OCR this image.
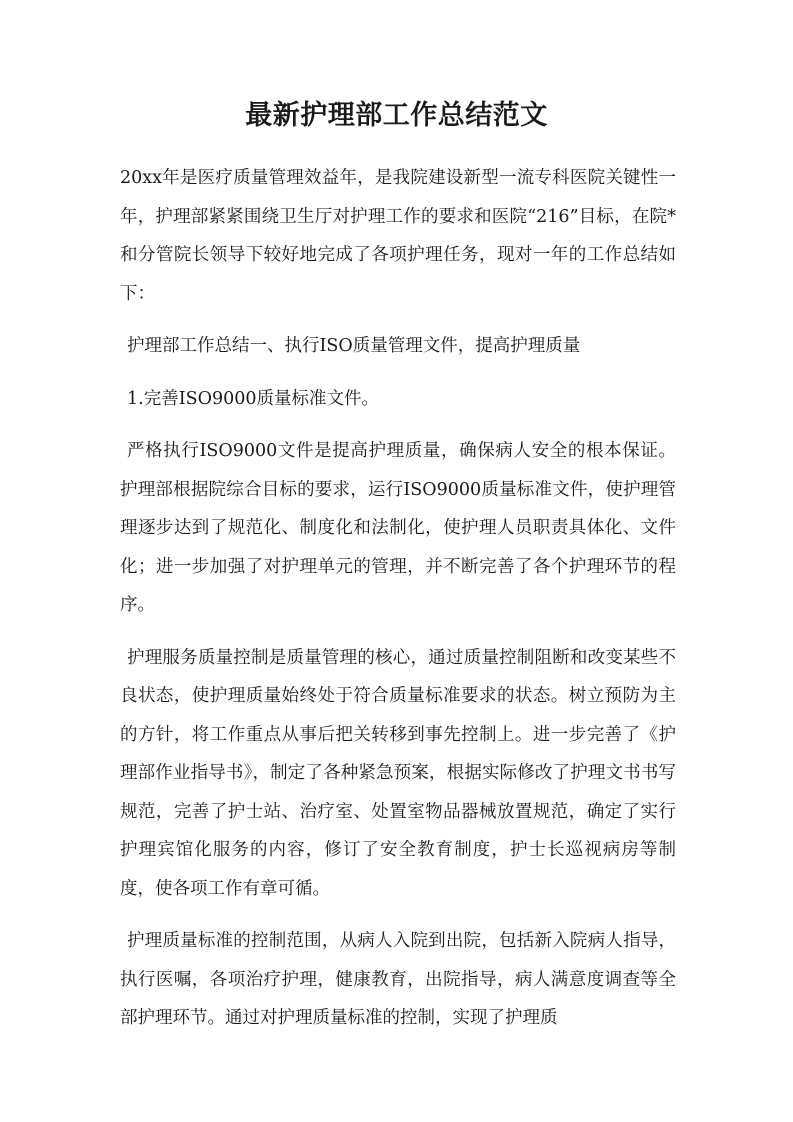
最新护理部工作总结范文

20xx年是医疗质量管理效益年，是我院建设新型一流专科医院关键性一年，护理部紧紧围绕卫生厅对护理工作的要求和医院“216”目标，在院*和分管院长领导下较好地完成了各项护理任务，现对一年的工作总结如下：

护理部工作总结一、执行ISO质量管理文件，提高护理质量

1.完善ISO9000质量标准文件。

严格执行ISO9000文件是提高护理质量，确保病人安全的根本保证。护理部根据院综合目标的要求，运行ISO9000质量标准文件，使护理管理逐步达到了规范化、制度化和法制化，使护理人员职责具体化、文件化；进一步加强了对护理单元的管理，并不断完善了各个护理环节的程序。

护理服务质量控制是质量管理的核心，通过质量控制阻断和改变某些不良状态，使护理质量始终处于符合质量标准要求的状态。树立预防为主的方针，将工作重点从事后把关转移到事先控制上。进一步完善了《护理部作业指导书》，制定了各种紧急预案，根据实际修改了护理文书书写规范，完善了护士站、治疗室、处置室物品器械放置规范，确定了实行护理宾馆化服务的内容，修订了安全教育制度，护士长巡视病房等制度，使各项工作有章可循。

护理质量标准的控制范围，从病人入院到出院，包括新入院病人指导，执行医嘱，各项治疗护理，健康教育，出院指导，病人满意度调查等全部护理环节。通过对护理质量标准的控制，实现了护理质
